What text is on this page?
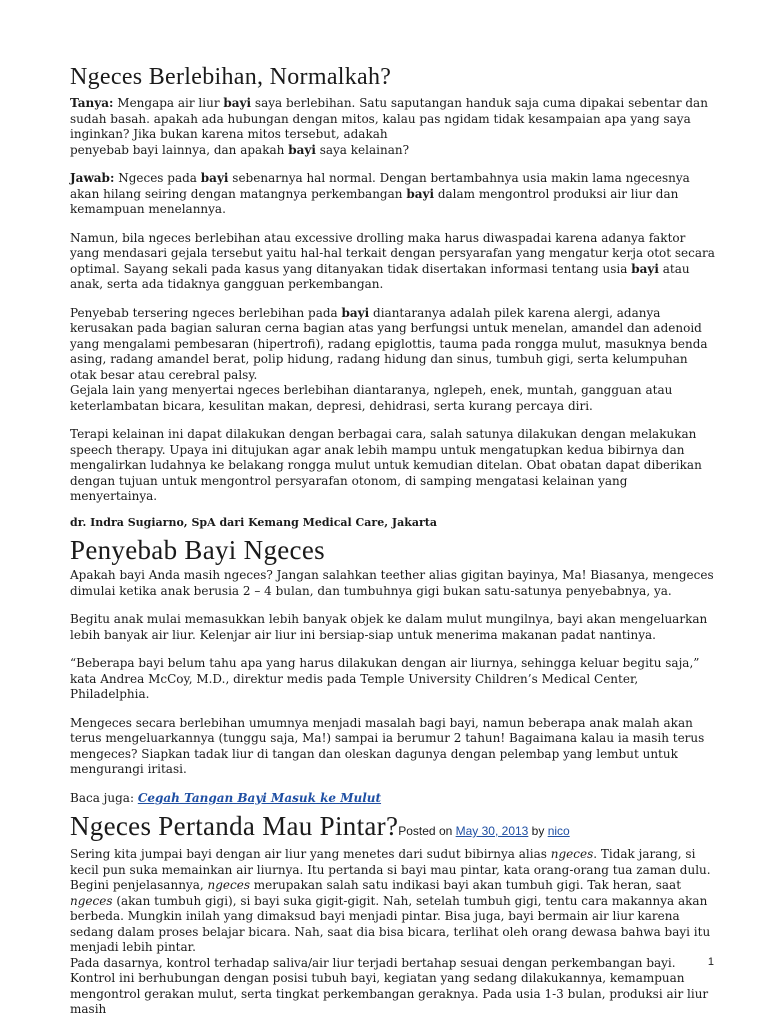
Ngeces Berlebihan, Normalkah?

Tanya: Mengapa air liur bayi saya berlebihan. Satu saputangan handuk saja cuma dipakai sebentar dan sudah basah. apakah ada hubungan dengan mitos, kalau pas ngidam tidak kesampaian apa yang saya inginkan? Jika bukan karena mitos tersebut, adakah
penyebab bayi lainnya, dan apakah bayi saya kelainan?

Jawab: Ngeces pada bayi sebenarnya hal normal. Dengan bertambahnya usia makin lama ngecesnya akan hilang seiring dengan matangnya perkembangan bayi dalam mengontrol produksi air liur dan kemampuan menelannya.

Namun, bila ngeces berlebihan atau excessive drolling maka harus diwaspadai karena adanya faktor yang mendasari gejala tersebut yaitu hal-hal terkait dengan persyarafan yang mengatur kerja otot secara optimal. Sayang sekali pada kasus yang ditanyakan tidak disertakan informasi tentang usia bayi atau anak, serta ada tidaknya gangguan perkembangan.

Penyebab tersering ngeces berlebihan pada bayi diantaranya adalah pilek karena alergi, adanya kerusakan pada bagian saluran cerna bagian atas yang berfungsi untuk menelan, amandel dan adenoid yang mengalami pembesaran (hipertrofi), radang epiglottis, tauma pada rongga mulut, masuknya benda asing, radang amandel berat, polip hidung, radang hidung dan sinus, tumbuh gigi, serta kelumpuhan otak besar atau cerebral palsy.

Gejala lain yang menyertai ngeces berlebihan diantaranya, nglepeh, enek, muntah, gangguan atau keterlambatan bicara, kesulitan makan, depresi, dehidrasi, serta kurang percaya diri.

Terapi kelainan ini dapat dilakukan dengan berbagai cara, salah satunya dilakukan dengan melakukan speech therapy. Upaya ini ditujukan agar anak lebih mampu untuk mengatupkan kedua bibirnya dan mengalirkan ludahnya ke belakang rongga mulut untuk kemudian ditelan. Obat obatan dapat diberikan dengan tujuan untuk mengontrol persyarafan otonom, di samping mengatasi kelainan yang menyertainya.

dr. Indra Sugiarno, SpA dari Kemang Medical Care, Jakarta

Penyebab Bayi Ngeces

Apakah bayi Anda masih ngeces? Jangan salahkan teether alias gigitan bayinya, Ma! Biasanya, mengeces dimulai ketika anak berusia 2 – 4 bulan, dan tumbuhnya gigi bukan satu-satunya penyebabnya, ya.

Begitu anak mulai memasukkan lebih banyak objek ke dalam mulut mungilnya, bayi akan mengeluarkan lebih banyak air liur. Kelenjar air liur ini bersiap-siap untuk menerima makanan padat nantinya.

“Beberapa bayi belum tahu apa yang harus dilakukan dengan air liurnya, sehingga keluar begitu saja,” kata Andrea McCoy, M.D., direktur medis pada Temple University Children’s Medical Center, Philadelphia.

Mengeces secara berlebihan umumnya menjadi masalah bagi bayi, namun beberapa anak malah akan terus mengeluarkannya (tunggu saja, Ma!) sampai ia berumur 2 tahun! Bagaimana kalau ia masih terus mengeces? Siapkan tadak liur di tangan dan oleskan dagunya dengan pelembap yang lembut untuk mengurangi iritasi.

Baca juga: Cegah Tangan Bayi Masuk ke Mulut

Ngeces Pertanda Mau Pintar?Posted on May 30, 2013 by nico

Sering kita jumpai bayi dengan air liur yang menetes dari sudut bibirnya alias ngeces. Tidak jarang, si kecil pun suka memainkan air liurnya. Itu pertanda si bayi mau pintar, kata orang-orang tua zaman dulu. Begini penjelasannya, ngeces merupakan salah satu indikasi bayi akan tumbuh gigi. Tak heran, saat ngeces (akan tumbuh gigi), si bayi suka gigit-gigit. Nah, setelah tumbuh gigi, tentu cara makannya akan berbeda. Mungkin inilah yang dimaksud bayi menjadi pintar. Bisa juga, bayi bermain air liur karena sedang dalam proses belajar bicara. Nah, saat dia bisa bicara, terlihat oleh orang dewasa bahwa bayi itu menjadi lebih pintar.

Pada dasarnya, kontrol terhadap saliva/air liur terjadi bertahap sesuai dengan perkembangan bayi. Kontrol ini berhubungan dengan posisi tubuh bayi, kegiatan yang sedang dilakukannya, kemampuan mengontrol gerakan mulut, serta tingkat perkembangan geraknya. Pada usia 1-3 bulan, produksi air liur masih

1
